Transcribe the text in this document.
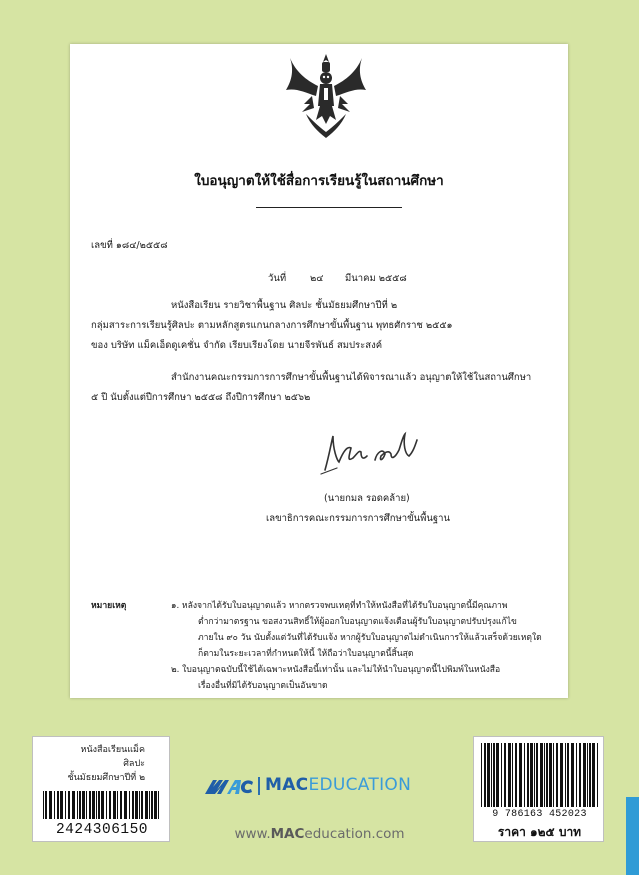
ใบอนุญาตให้ใช้สื่อการเรียนรู้ในสถานศึกษา
เลขที่ ๑๘๔/๒๕๕๘
วันที่	๒๔ มีนาคม ๒๕๕๘
หนังสือเรียน รายวิชาพื้นฐาน ศิลปะ ชั้นมัธยมศึกษาปีที่ ๒
กลุ่มสาระการเรียนรู้ศิลปะ ตามหลักสูตรแกนกลางการศึกษาขั้นพื้นฐาน พุทธศักราช ๒๕๕๑
ของ บริษัท แม็คเอ็ดดูเคชั่น จำกัด เรียบเรียงโดย นายจีรพันธ์ สมประสงค์
สำนักงานคณะกรรมการการศึกษาขั้นพื้นฐานได้พิจารณาแล้ว อนุญาตให้ใช้ในสถานศึกษา
๕ ปี นับตั้งแต่ปีการศึกษา ๒๕๕๘ ถึงปีการศึกษา ๒๕๖๒
(นายกมล รอดคล้าย)
เลขาธิการคณะกรรมการการศึกษาขั้นพื้นฐาน
หมายเหตุ	๑. หลังจากได้รับใบอนุญาตแล้ว หากตรวจพบเหตุที่ทำให้หนังสือที่ได้รับใบอนุญาตนี้มีคุณภาพ
ต่ำกว่ามาตรฐาน ขอสงวนสิทธิ์ให้ผู้ออกใบอนุญาตแจ้งเตือนผู้รับใบอนุญาตปรับปรุงแก้ไข
ภายใน ๙๐ วัน นับตั้งแต่วันที่ได้รับแจ้ง หากผู้รับใบอนุญาตไม่ดำเนินการให้แล้วเสร็จด้วยเหตุใด
ก็ตามในระยะเวลาที่กำหนดให้นี้ ให้ถือว่าใบอนุญาตนี้สิ้นสุด
๒. ใบอนุญาตฉบับนี้ใช้ได้เฉพาะหนังสือนี้เท่านั้น และไม่ให้นำใบอนุญาตนี้ไปพิมพ์ในหนังสือ
เรื่องอื่นที่มิได้รับอนุญาตเป็นอันขาด
หนังสือเรียนแม็ค
ศิลปะ
ชั้นมัธยมศึกษาปีที่ ๒
2424306150
MACEDUCATION
www.MACeducation.com
9 786163 452023
ราคา ๑๒๕ บาท
